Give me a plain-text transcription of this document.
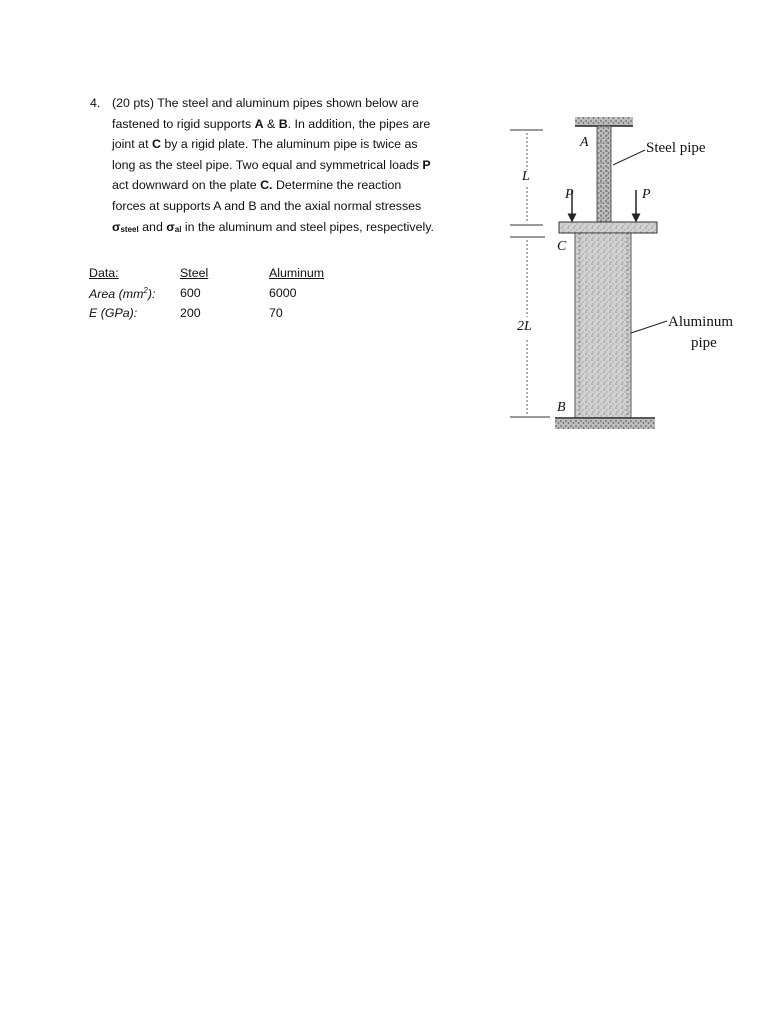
4. (20 pts) The steel and aluminum pipes shown below are
fastened to rigid supports A & B. In addition, the pipes are
joint at C by a rigid plate. The aluminum pipe is twice as
long as the steel pipe. Two equal and symmetrical loads P
act downward on the plate C. Determine the reaction
forces at supports A and B and the axial normal stresses
σsteel and σal in the aluminum and steel pipes, respectively.
Data:	Steel	Aluminum
Area $(mm^2)$:	600	6000
E (GPa):	200	70
A
B
C
P	P
L
2L
Steel pipe
Aluminum
pipe
